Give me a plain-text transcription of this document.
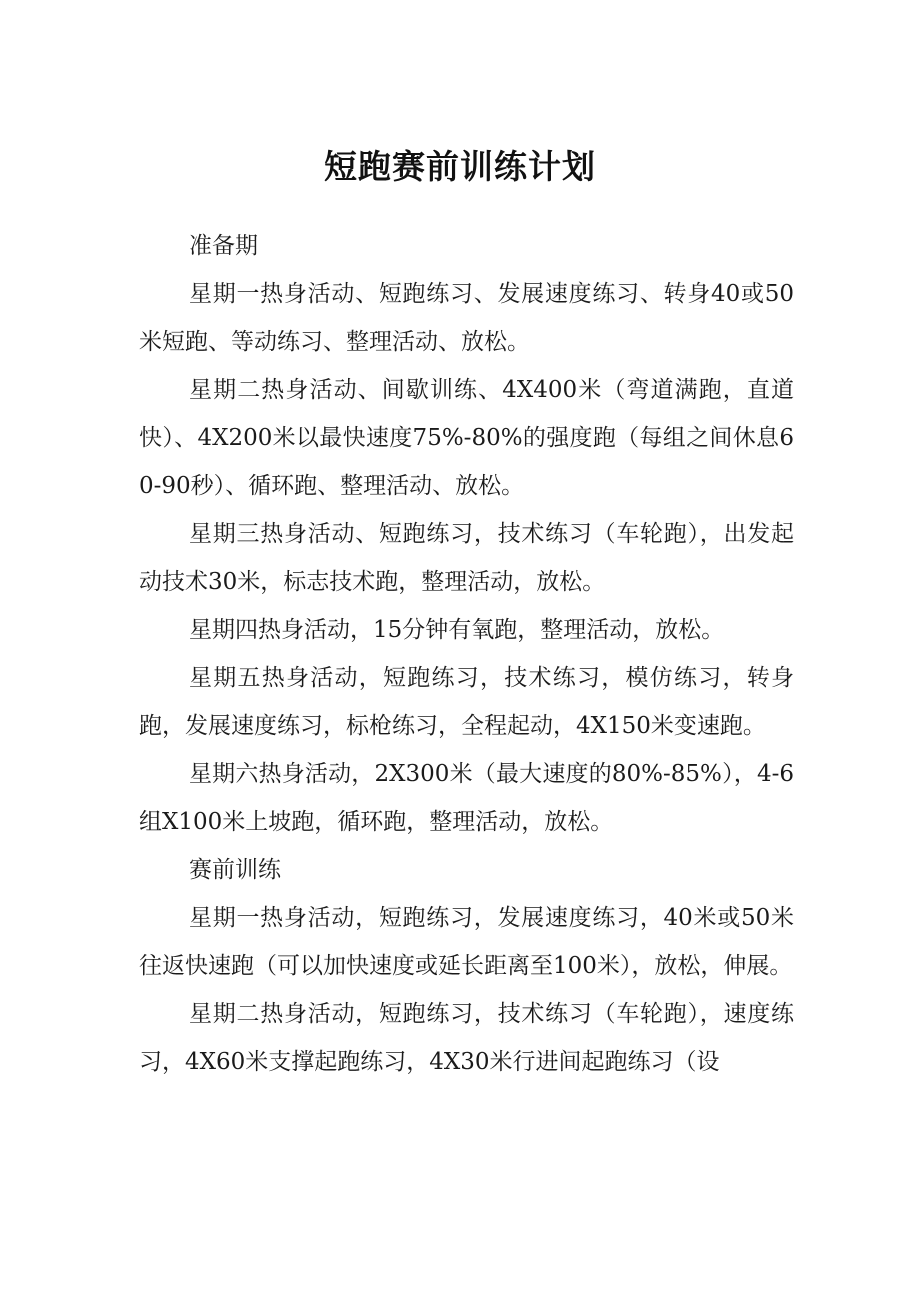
短跑赛前训练计划

准备期

星期一热身活动、短跑练习、发展速度练习、转身40或50米短跑、等动练习、整理活动、放松。

星期二热身活动、间歇训练、4X400米（弯道满跑，直道快）、4X200米以最快速度75%-80%的强度跑（每组之间休息60-90秒）、循环跑、整理活动、放松。

星期三热身活动、短跑练习，技术练习（车轮跑），出发起动技术30米，标志技术跑，整理活动，放松。

星期四热身活动，15分钟有氧跑，整理活动，放松。

星期五热身活动，短跑练习，技术练习，模仿练习，转身跑，发展速度练习，标枪练习，全程起动，4X150米变速跑。

星期六热身活动，2X300米（最大速度的80%-85%），4-6组X100米上坡跑，循环跑，整理活动，放松。

赛前训练

星期一热身活动，短跑练习，发展速度练习，40米或50米往返快速跑（可以加快速度或延长距离至100米），放松，伸展。

星期二热身活动，短跑练习，技术练习（车轮跑），速度练习，4X60米支撑起跑练习，4X30米行进间起跑练习（设
